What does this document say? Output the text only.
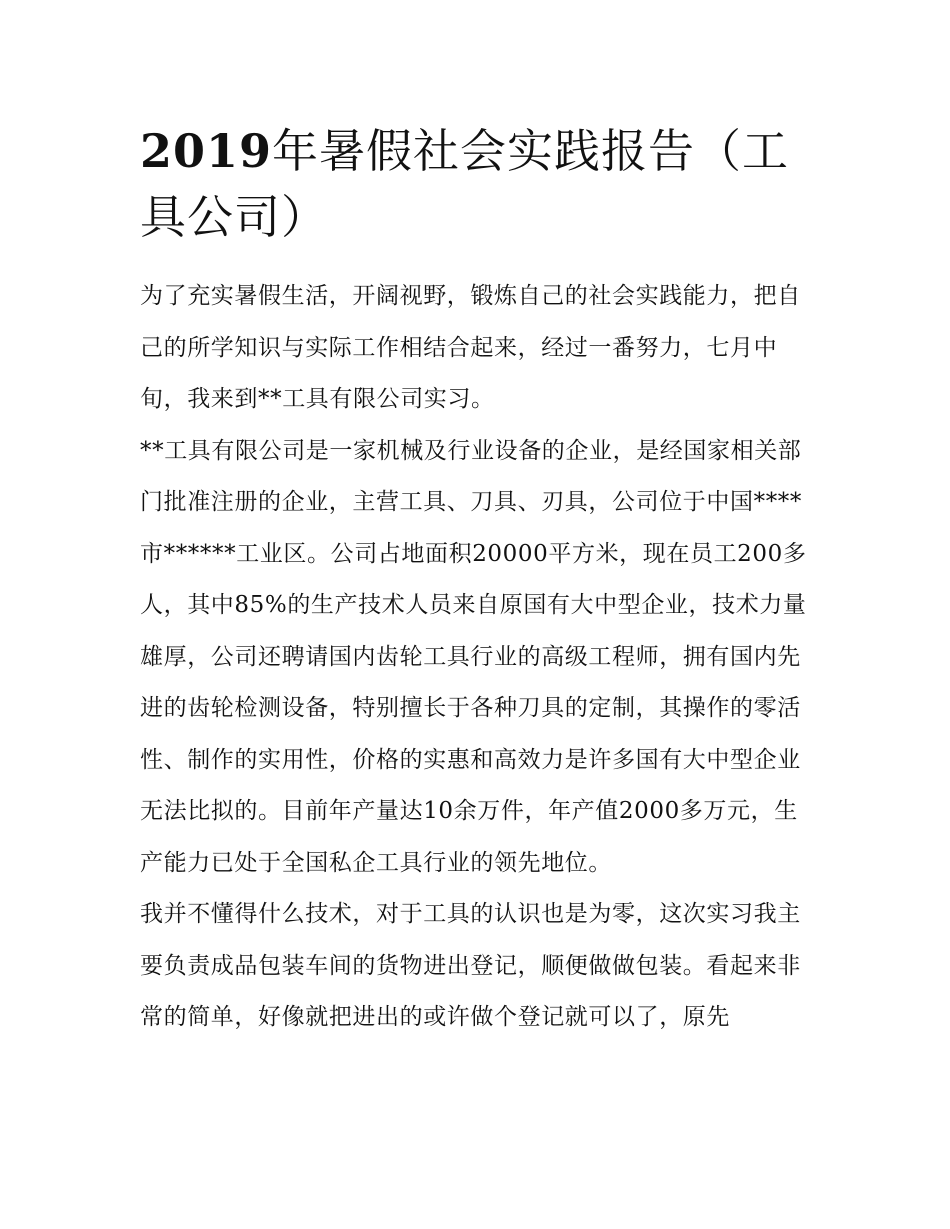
2019年暑假社会实践报告（工具公司）

为了充实暑假生活，开阔视野，锻炼自己的社会实践能力，把自己的所学知识与实际工作相结合起来，经过一番努力，七月中旬，我来到**工具有限公司实习。

**工具有限公司是一家机械及行业设备的企业，是经国家相关部门批准注册的企业，主营工具、刀具、刃具，公司位于中国****市******工业区。公司占地面积20000平方米，现在员工200多人，其中85%的生产技术人员来自原国有大中型企业，技术力量雄厚，公司还聘请国内齿轮工具行业的高级工程师，拥有国内先进的齿轮检测设备，特别擅长于各种刀具的定制，其操作的零活性、制作的实用性，价格的实惠和高效力是许多国有大中型企业无法比拟的。目前年产量达10余万件，年产值2000多万元，生产能力已处于全国私企工具行业的领先地位。

我并不懂得什么技术，对于工具的认识也是为零，这次实习我主要负责成品包装车间的货物进出登记，顺便做做包装。看起来非常的简单，好像就把进出的或许做个登记就可以了，原先
